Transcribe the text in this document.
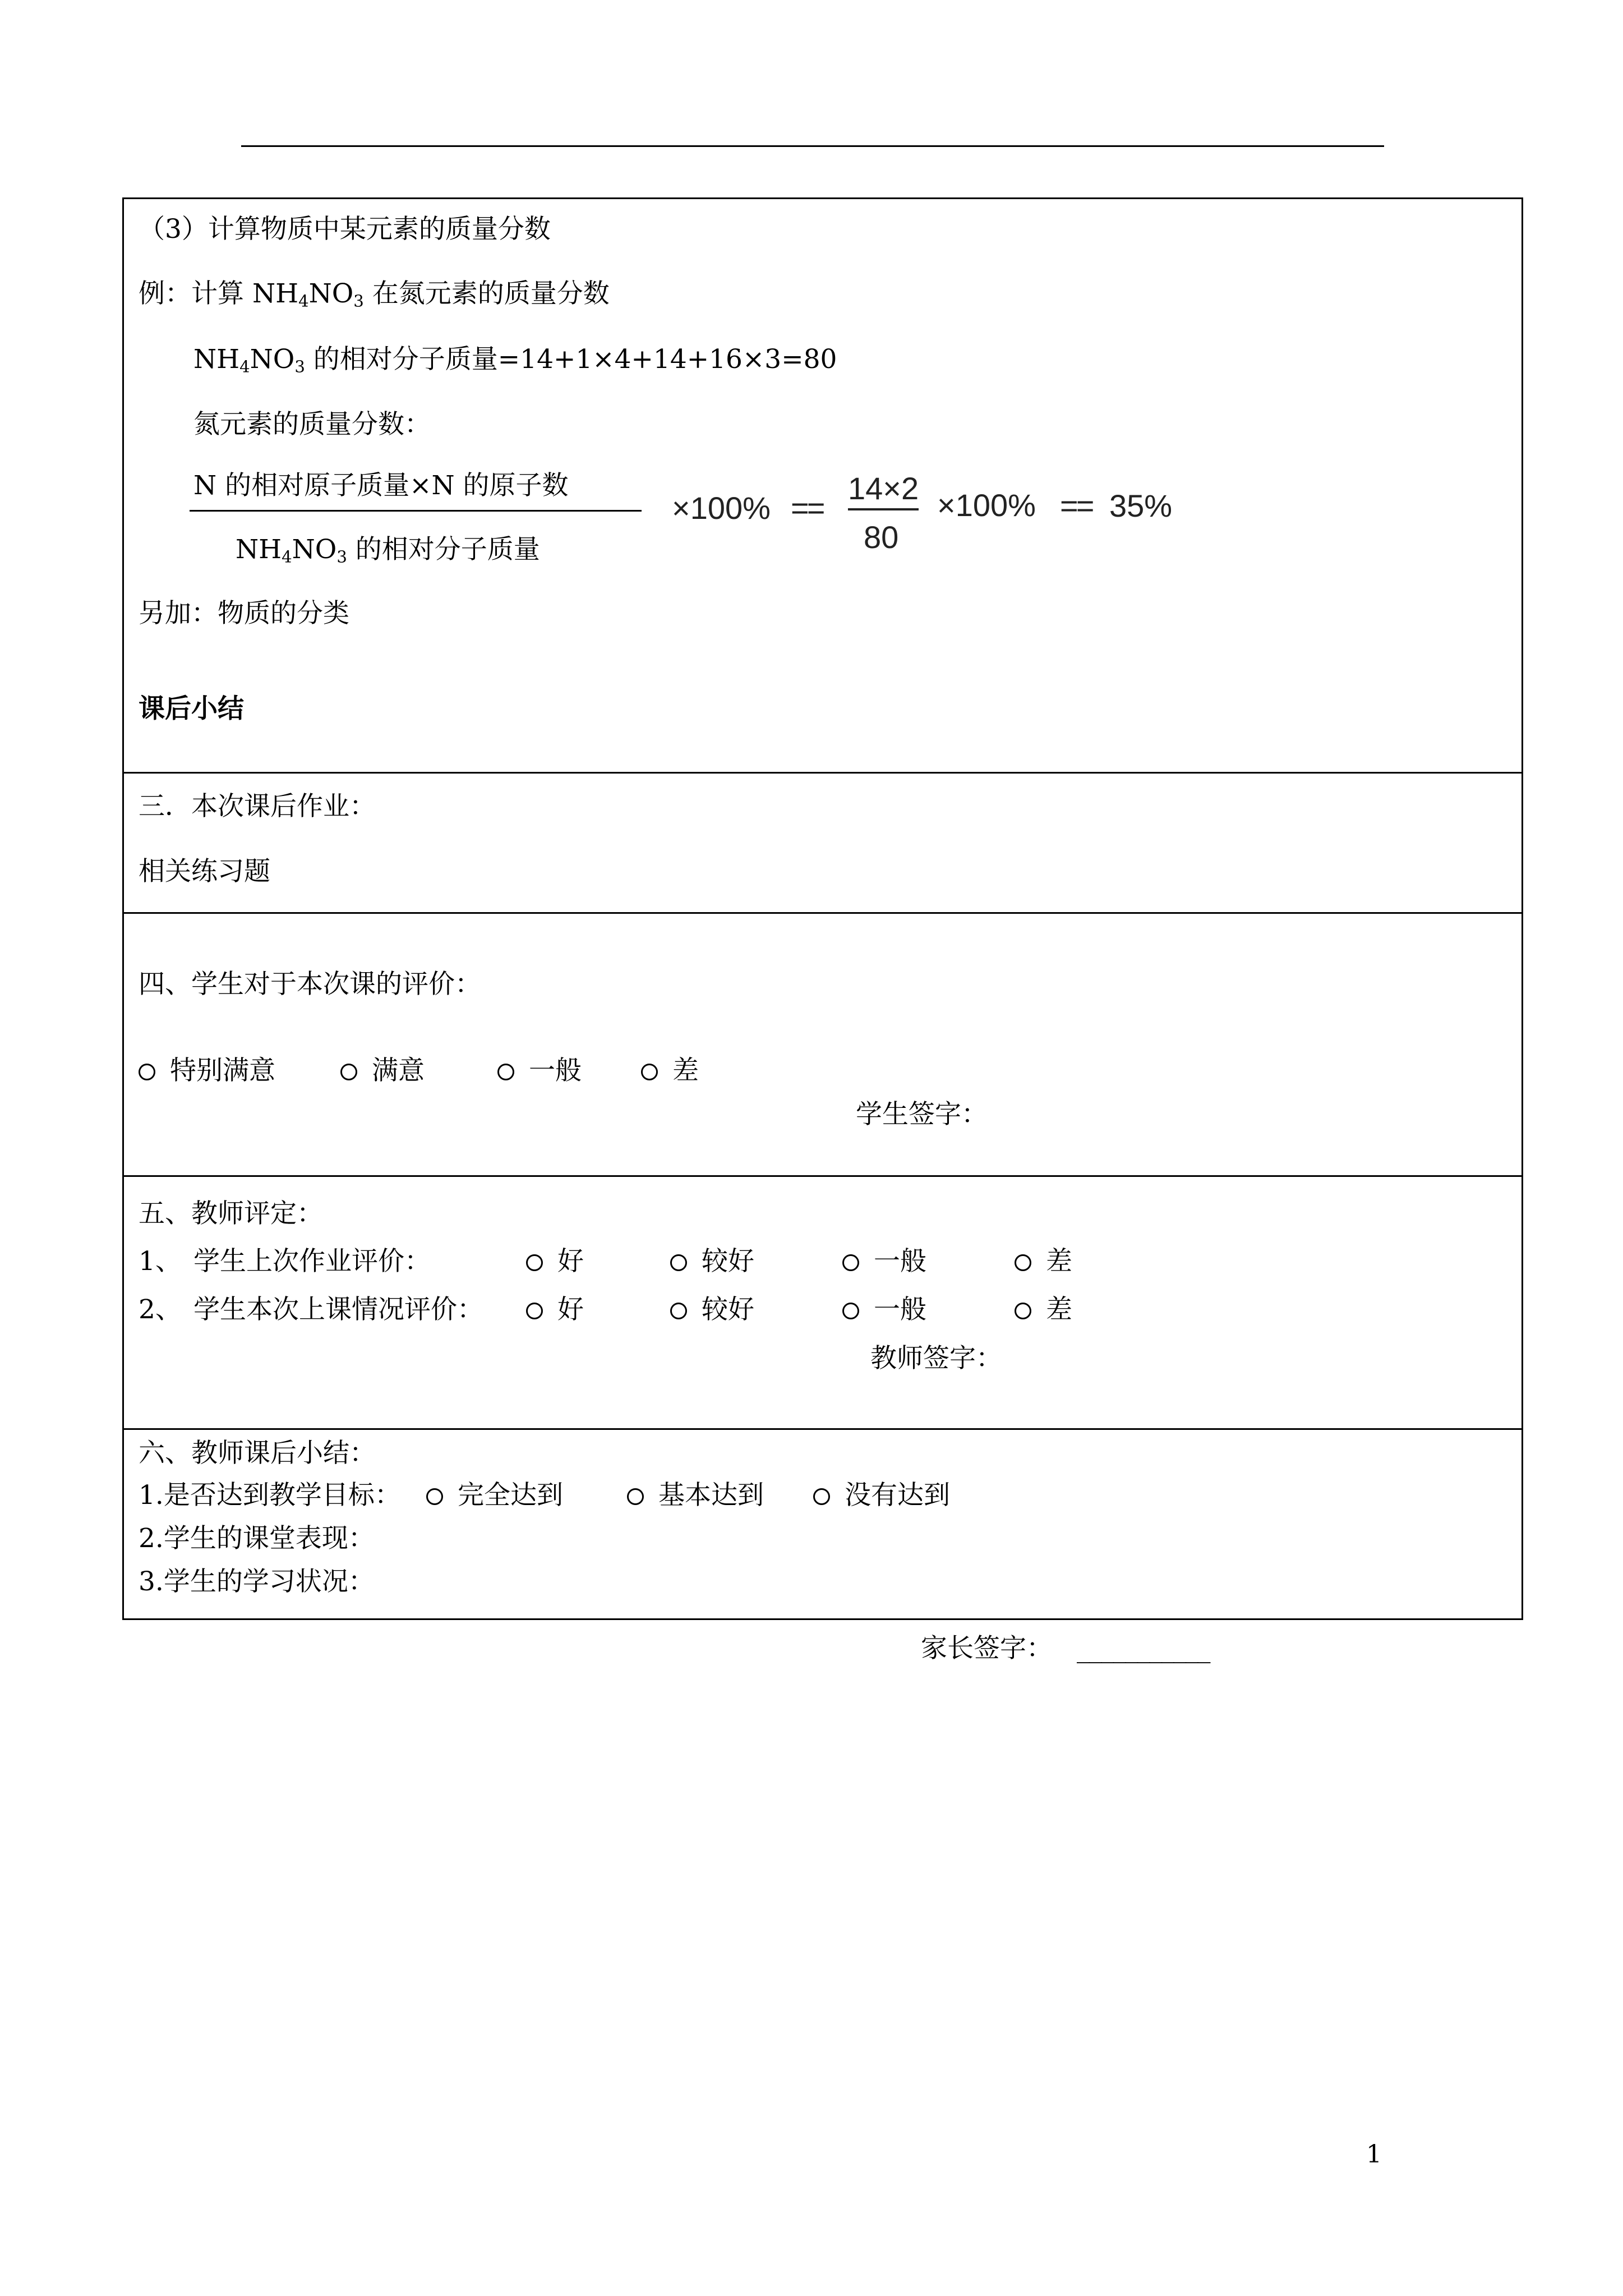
（3）计算物质中某元素的质量分数
例：计算 $NH_4NO_3$ 在氮元素的质量分数
$NH_4NO_3$ 的相对分子质量=14+1×4+14+16×3=80
氮元素的质量分数：
N 的相对原子质量×N 的原子数
$NH_4NO_3$ 的相对分子质量
×100% ==
14×2
80
×100% == 35%
另加：物质的分类
课后小结
三．本次课后作业：
相关练习题
四、学生对于本次课的评价：
特别满意	满意	一般	差
学生签字：
五、教师评定：
1、 学生上次作业评价：	好	较好	一般	差
2、 学生本次上课情况评价：	好	较好	一般	差
教师签字：
六、教师课后小结：
1.是否达到教学目标：	完全达到	基本达到	没有达到
2.学生的课堂表现：
3.学生的学习状况：
家长签字： ___________
1
